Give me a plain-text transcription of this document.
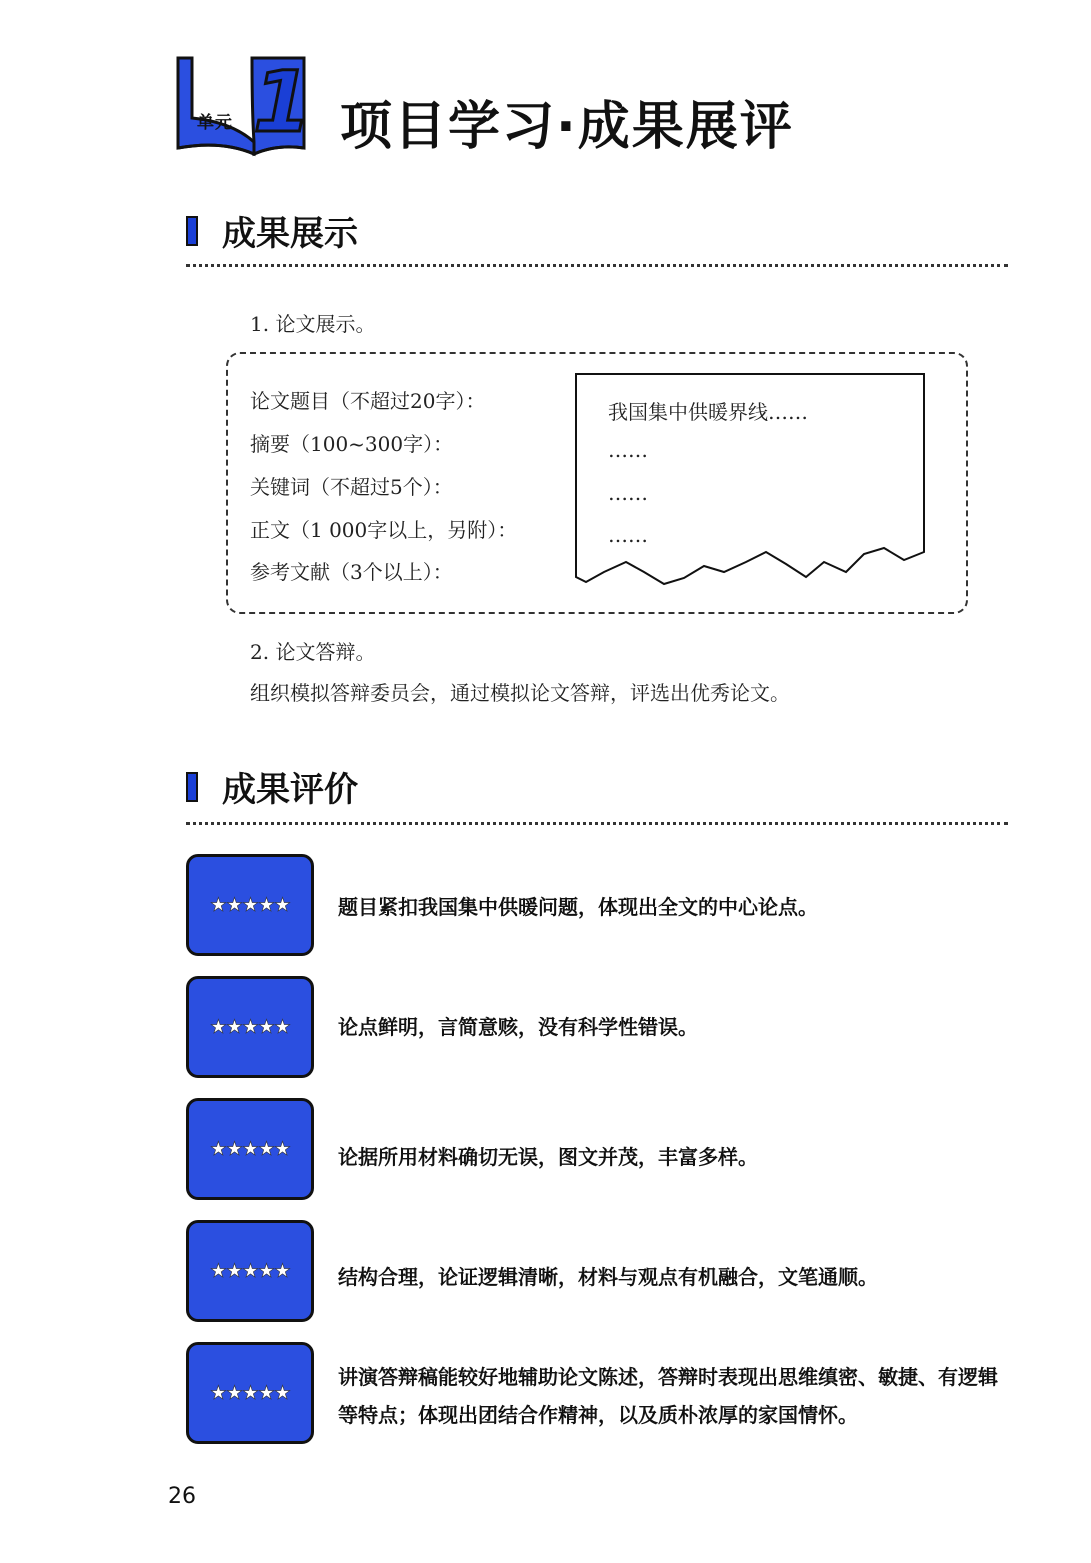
单元 1 项目学习·成果展评
成果展示
1. 论文展示。
论文题目（不超过20字）：
摘要（100~300字）：
关键词（不超过5个）：
正文（1 000字以上，另附）：
参考文献（3个以上）：
我国集中供暖界线……
……
……
……
2. 论文答辩。
组织模拟答辩委员会，通过模拟论文答辩，评选出优秀论文。
成果评价
★★★★★ 题目紧扣我国集中供暖问题，体现出全文的中心论点。
★★★★★ 论点鲜明，言简意赅，没有科学性错误。
★★★★★ 论据所用材料确切无误，图文并茂，丰富多样。
★★★★★ 结构合理，论证逻辑清晰，材料与观点有机融合，文笔通顺。
★★★★★
讲演答辩稿能较好地辅助论文陈述，答辩时表现出思维缜密、敏捷、有逻辑等特点；体现出团结合作精神，以及质朴浓厚的家国情怀。
26
